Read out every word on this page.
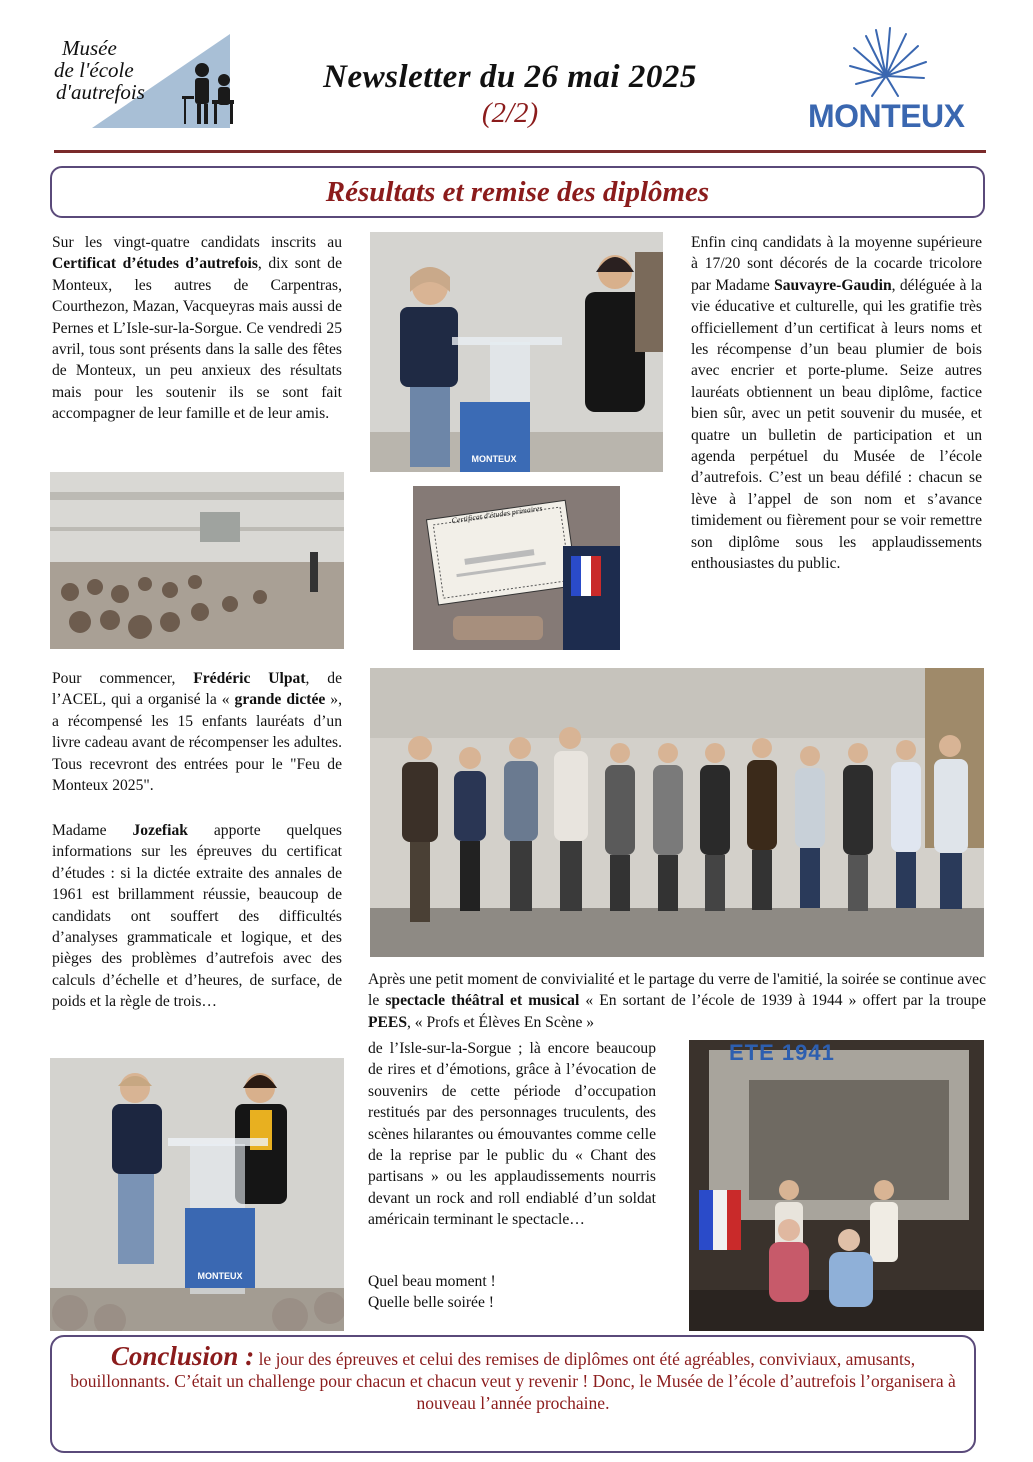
Musée
de l'école
d'autrefois	Newsletter du 26 mai 2025
(2/2)	MONTEUX
Résultats et remise des diplômes
Sur les vingt-quatre candidats inscrits au Certificat d’études d’autrefois, dix sont de Monteux, les autres de Carpentras, Courthezon, Mazan, Vacqueyras mais aussi de Pernes et L’Isle-sur-la-Sorgue. Ce vendredi 25 avril, tous sont présents dans la salle des fêtes de Monteux, un peu anxieux des résultats mais pour les soutenir ils se sont fait accompagner de leur famille et de leur amis.
MONTEUX
Certificat d'études primaires
Enfin cinq candidats à la moyenne supérieure à 17/20 sont décorés de la cocarde tricolore par Madame Sauvayre-Gaudin, déléguée à la vie éducative et culturelle, qui les gratifie très officiellement d’un certificat à leurs noms et les récompense d’un beau plumier de bois avec encrier et porte-plume. Seize autres lauréats obtiennent un beau diplôme, factice bien sûr, avec un petit souvenir du musée, et quatre un bulletin de participation et un agenda perpétuel du Musée de l’école d’autrefois. C’est un beau défilé : chacun se lève à l’appel de son nom et s’avance timidement ou fièrement pour se voir remettre son diplôme sous les applaudissements enthousiastes du public.
Pour commencer, Frédéric Ulpat, de l’ACEL, qui a organisé la « grande dictée », a récompensé les 15 enfants lauréats d’un livre cadeau avant de récompenser les adultes. Tous recevront des entrées pour le "Feu de Monteux 2025".
Madame Jozefiak apporte quelques informations sur les épreuves du certificat d’études : si la dictée extraite des annales de 1961 est brillamment réussie, beaucoup de candidats ont souffert des difficultés d’analyses grammaticale et logique, et des pièges des problèmes d’autrefois avec des calculs d’échelle et d’heures, de surface, de poids et la règle de trois…
Après une petit moment de convivialité et le partage du verre de l'amitié, la soirée se continue avec le spectacle théâtral et musical « En sortant de l’école de 1939 à 1944 » offert par la troupe PEES, « Profs et Élèves En Scène »
de l’Isle-sur-la-Sorgue ; là encore beaucoup de rires et d’émotions, grâce à l’évocation de souvenirs de cette période d’occupation restitués par des personnages truculents, des scènes hilarantes ou émouvantes comme celle de la reprise par le public du « Chant des partisans » ou les applaudissements nourris devant un rock and roll endiablé d’un soldat américain terminant le spectacle…
Quel beau moment !
Quelle belle soirée !
MONTEUX
ETE 1941
Conclusion : le jour des épreuves et celui des remises de diplômes ont été agréables, conviviaux, amusants, bouillonnants. C’était un challenge pour chacun et chacun veut y revenir ! Donc, le Musée de l’école d’autrefois l’organisera à nouveau l’année prochaine.
